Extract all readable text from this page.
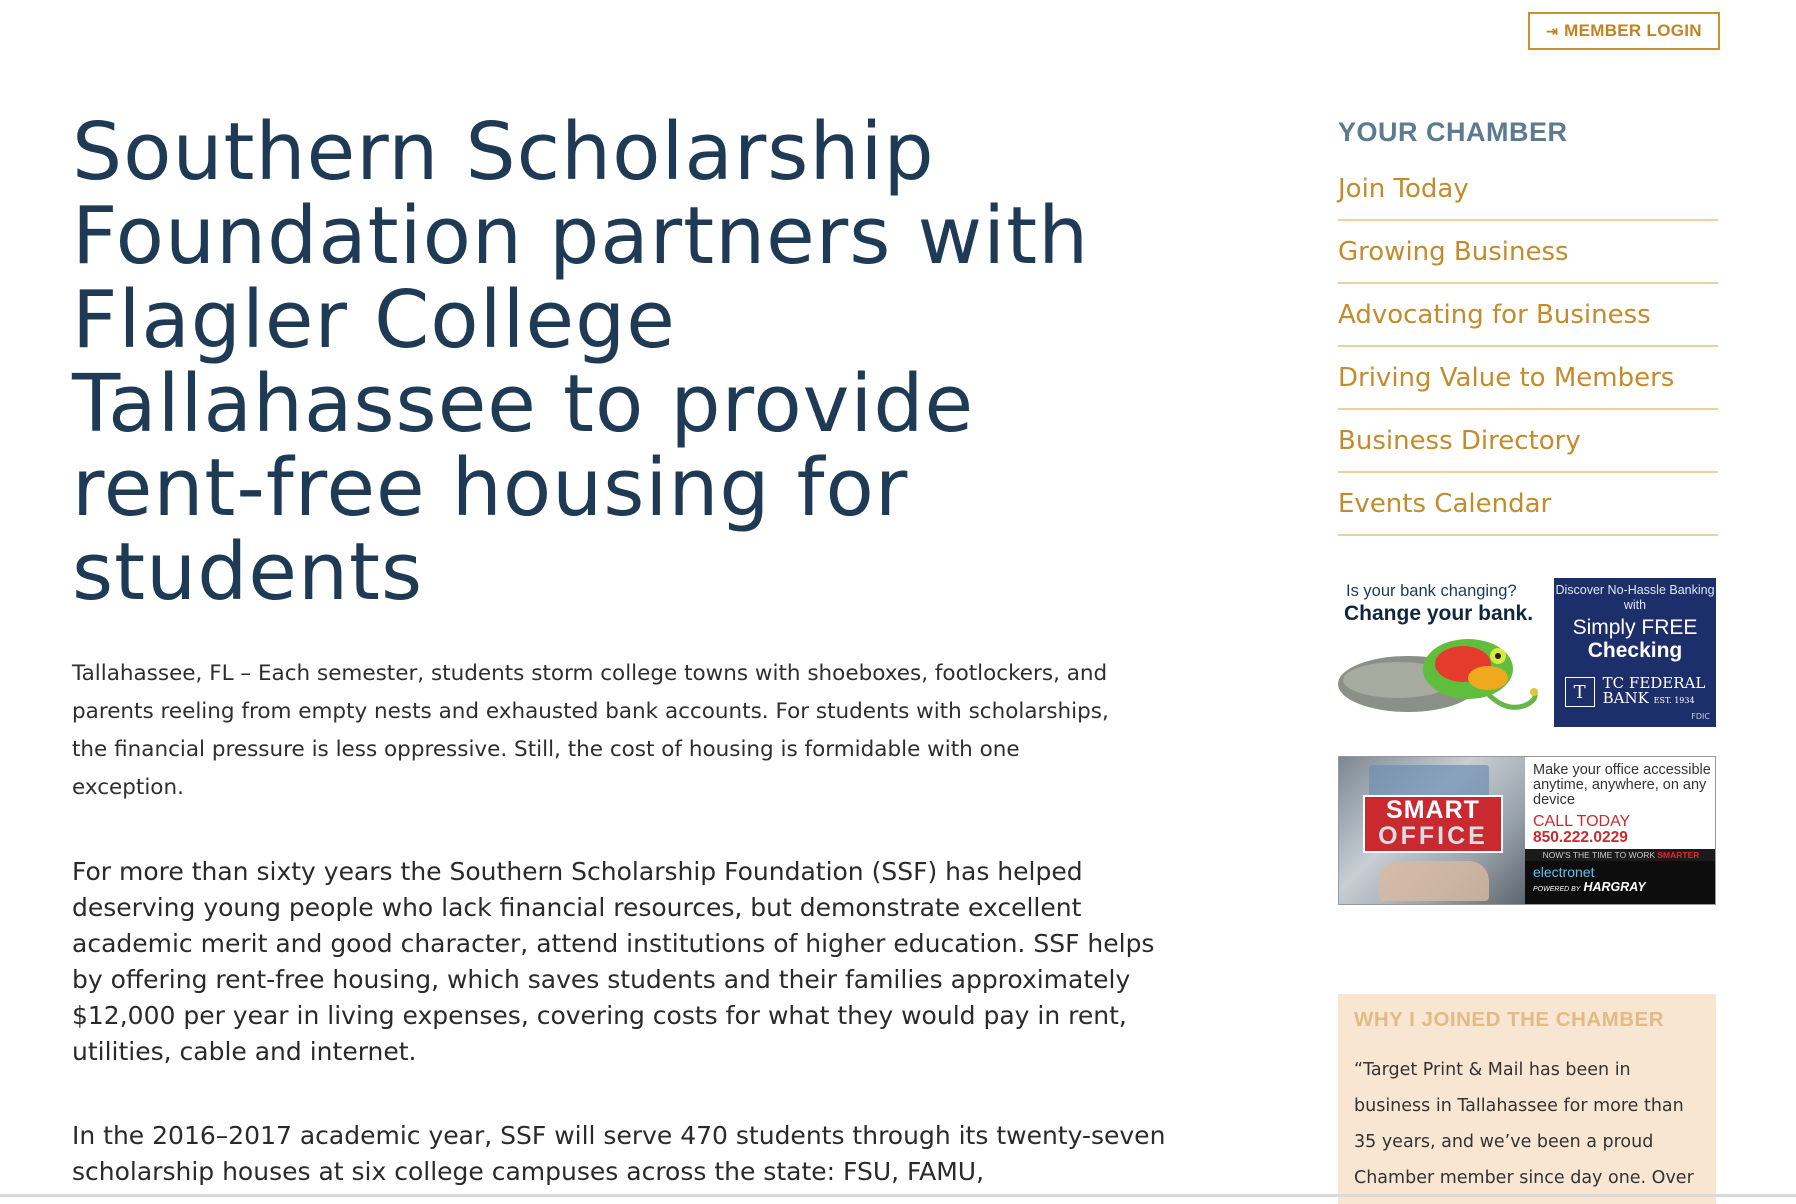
⇥ MEMBER LOGIN
Southern Scholarship Foundation partners with Flagler College Tallahassee to provide rent-free housing for students

Tallahassee, FL – Each semester, students storm college towns with shoeboxes, footlockers, and parents reeling from empty nests and exhausted bank accounts. For students with scholarships, the financial pressure is less oppressive. Still, the cost of housing is formidable with one exception.

For more than sixty years the Southern Scholarship Foundation (SSF) has helped deserving young people who lack financial resources, but demonstrate excellent academic merit and good character, attend institutions of higher education. SSF helps by offering rent-free housing, which saves students and their families approximately $12,000 per year in living expenses, covering costs for what they would pay in rent, utilities, cable and internet.

In the 2016–2017 academic year, SSF will serve 470 students through its twenty-seven scholarship houses at six college campuses across the state: FSU, FAMU,

YOUR CHAMBER
Join Today
Growing Business
Advocating for Business
Driving Value to Members
Business Directory
Events Calendar
Is your bank changing?
Change your bank.
Discover No-Hassle Banking with
Simply FREE
Checking
T	TC FEDERAL
BANK EST. 1934
FDIC
SMART
OFFICE
Make your office accessible anytime, anywhere, on any device
CALL TODAY
850.222.0229
NOW'S THE TIME TO WORK SMARTER
electronet
POWERED BY HARGRAY
WHY I JOINED THE CHAMBER

“Target Print & Mail has been in business in Tallahassee for more than 35 years, and we’ve been a proud Chamber member since day one. Over
